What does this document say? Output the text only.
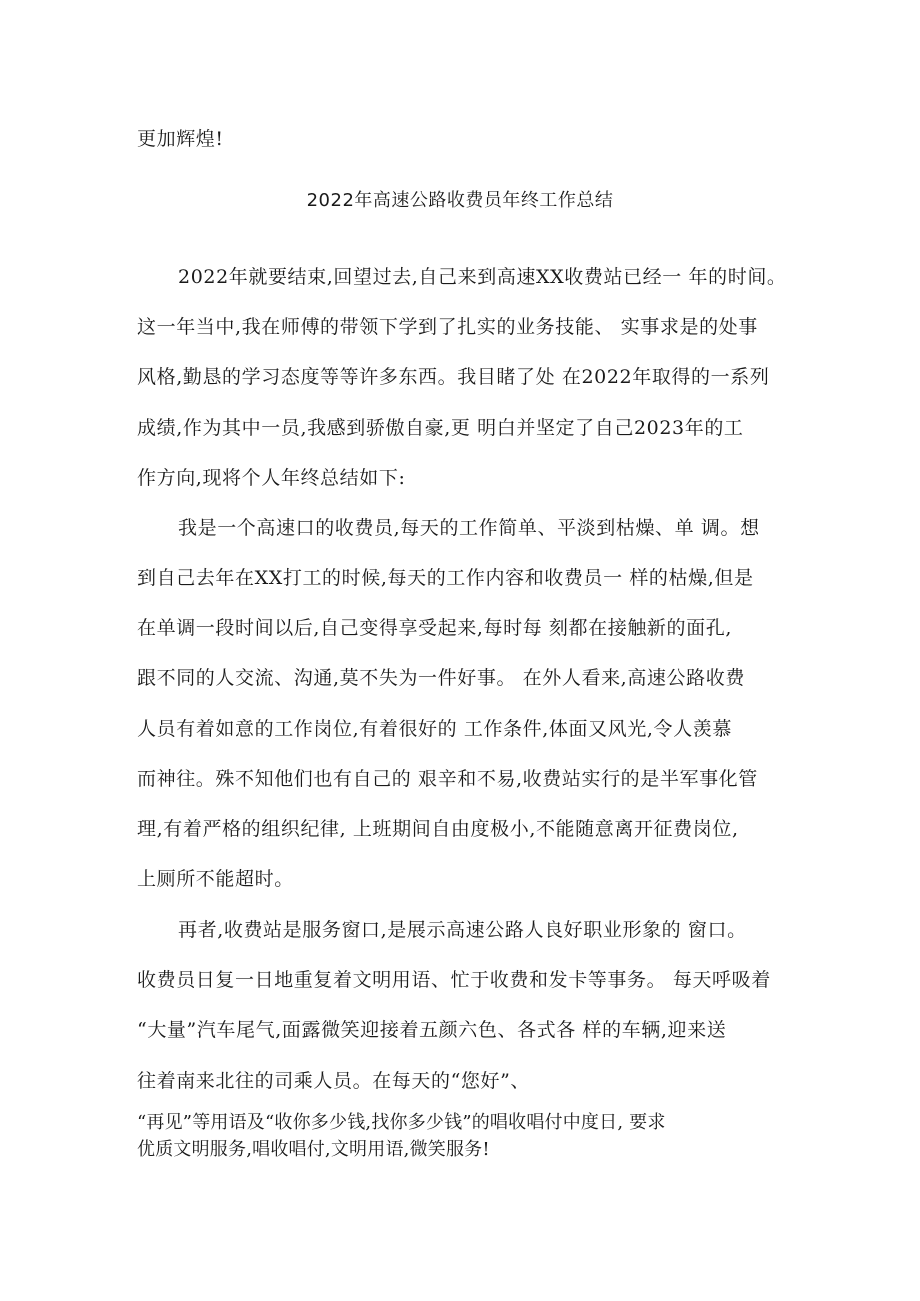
更加辉煌!
2022年高速公路收费员年终工作总结
2022年就要结束,回望过去,自己来到高速XX收费站已经一 年的时间。
这一年当中,我在师傅的带领下学到了扎实的业务技能、 实事求是的处事
风格,勤恳的学习态度等等许多东西。我目睹了处 在2022年取得的一系列
成绩,作为其中一员,我感到骄傲自豪,更 明白并坚定了自己2023年的工
作方向,现将个人年终总结如下:
我是一个高速口的收费员,每天的工作简单、平淡到枯燥、单 调。想
到自己去年在XX打工的时候,每天的工作内容和收费员一 样的枯燥,但是
在单调一段时间以后,自己变得享受起来,每时每 刻都在接触新的面孔,
跟不同的人交流、沟通,莫不失为一件好事。 在外人看来,高速公路收费
人员有着如意的工作岗位,有着很好的 工作条件,体面又风光,令人羡慕
而神往。殊不知他们也有自己的 艰辛和不易,收费站实行的是半军事化管
理,有着严格的组织纪律, 上班期间自由度极小,不能随意离开征费岗位,
上厕所不能超时。
再者,收费站是服务窗口,是展示高速公路人良好职业形象的 窗口。
收费员日复一日地重复着文明用语、忙于收费和发卡等事务。 每天呼吸着
“大量”汽车尾气,面露微笑迎接着五颜六色、各式各 样的车辆,迎来送
往着南来北往的司乘人员。在每天的“您好”、
“再见”等用语及“收你多少钱,找你多少钱”的唱收唱付中度日, 要求
优质文明服务,唱收唱付,文明用语,微笑服务!
